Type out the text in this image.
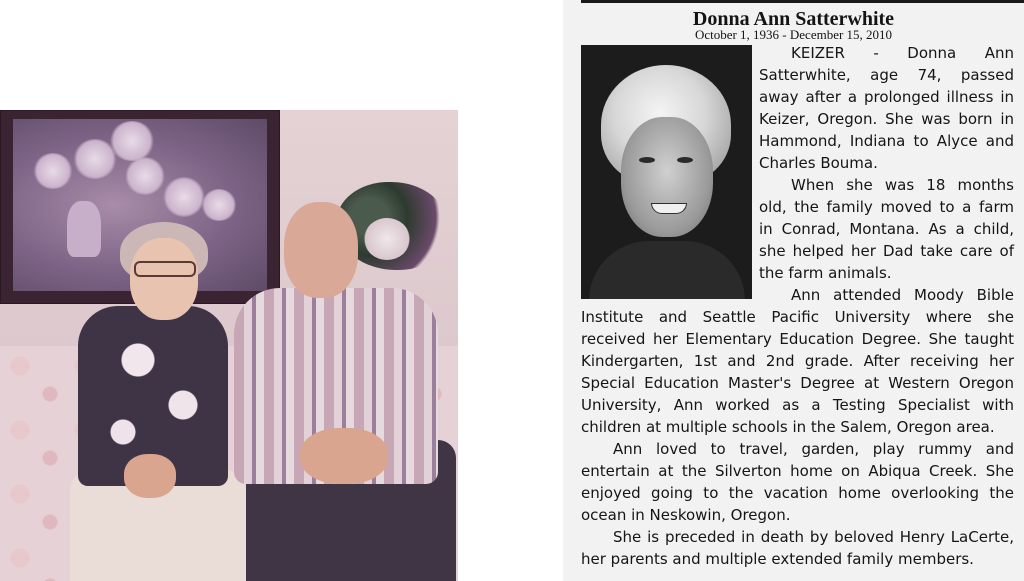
Donna Ann Satterwhite
October 1, 1936 - December 15, 2010

KEIZER - Donna Ann Satterwhite, age 74, passed away after a prolonged illness in Keizer, Oregon. She was born in Hammond, Indiana to Alyce and Charles Bouma.

When she was 18 months old, the family moved to a farm in Conrad, Montana. As a child, she helped her Dad take care of the farm animals.

Ann attended Moody Bible Institute and Seattle Pacific University where she received her Elementary Education Degree. She taught Kindergarten, 1st and 2nd grade. After receiving her Special Education Master's Degree at Western Oregon University, Ann worked as a Testing Specialist with children at multiple schools in the Salem, Oregon area.

Ann loved to travel, garden, play rummy and entertain at the Silverton home on Abiqua Creek. She enjoyed going to the vacation home overlooking the ocean in Neskowin, Oregon.

She is preceded in death by beloved Henry LaCerte, her parents and multiple extended family members.
